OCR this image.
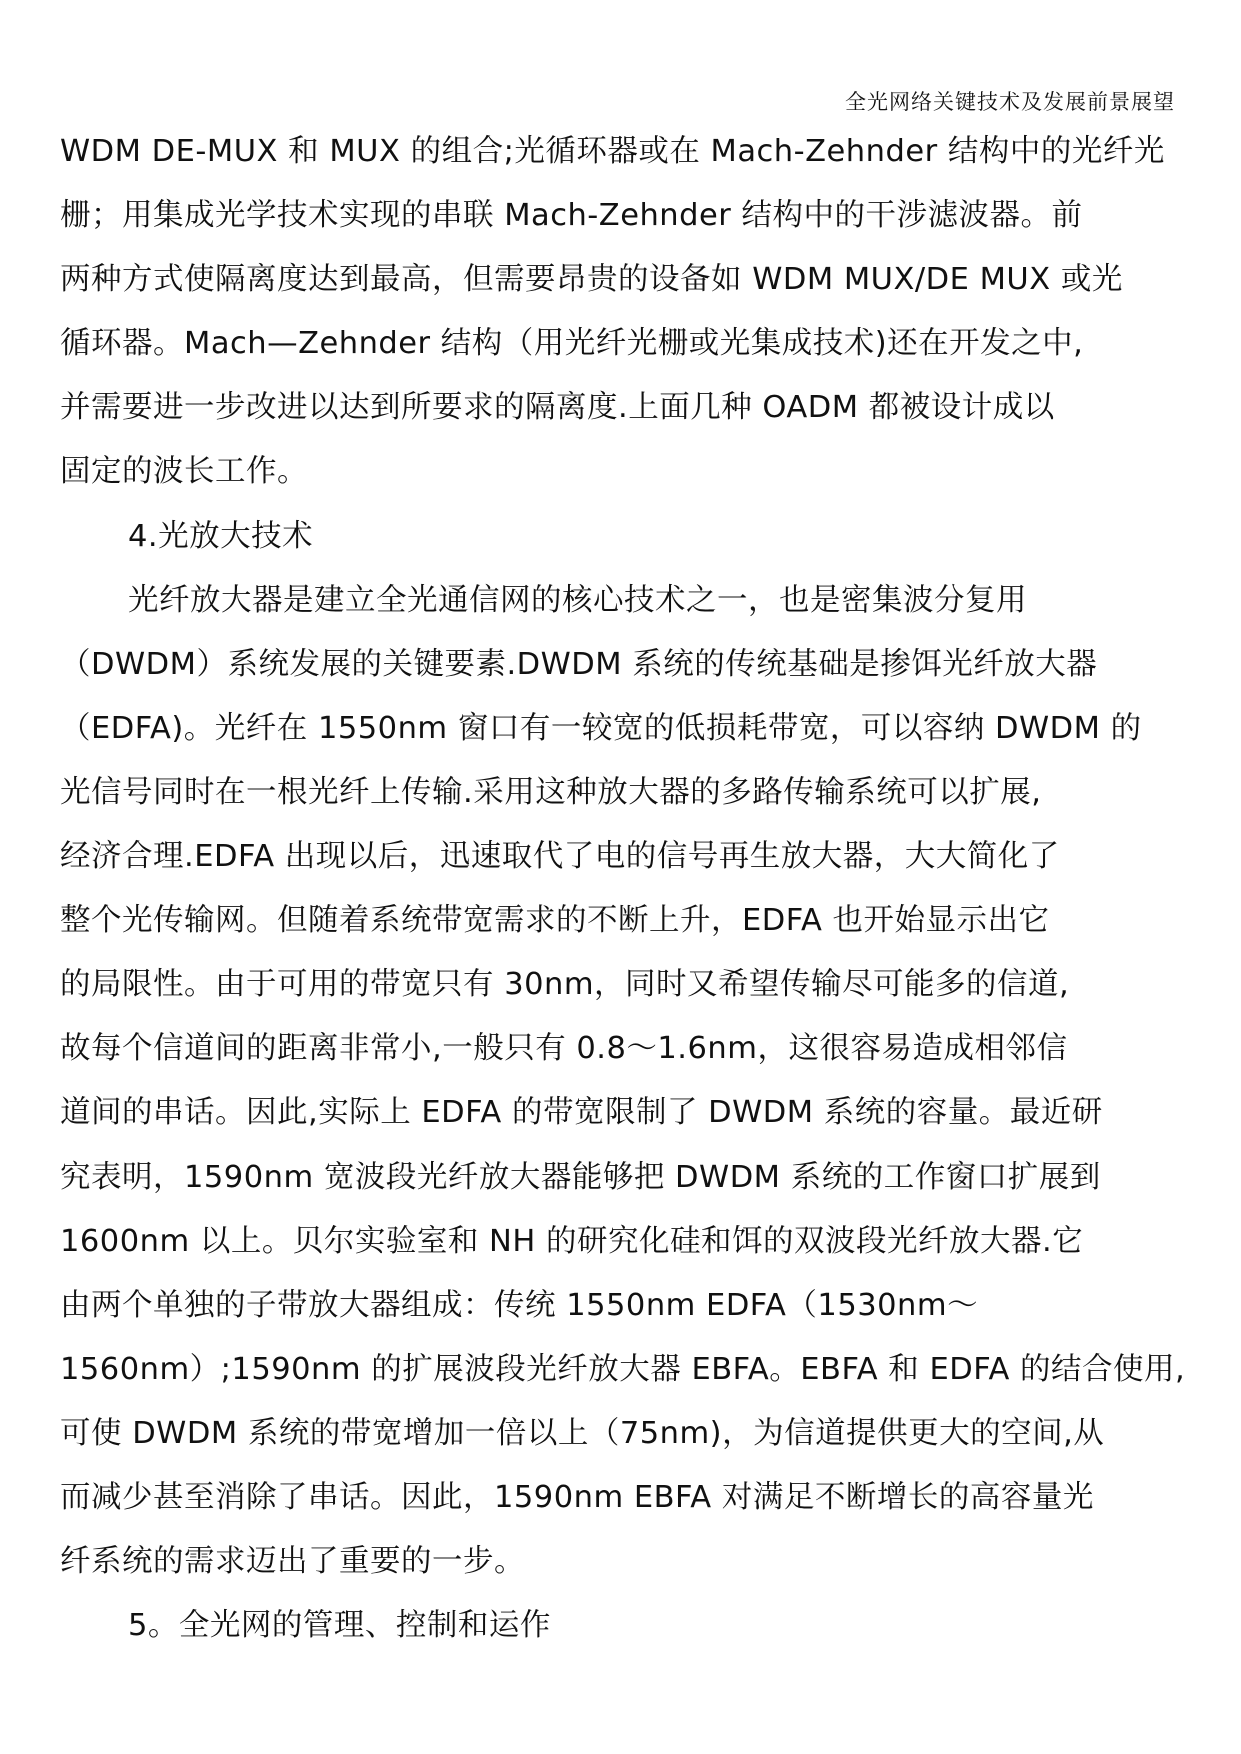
全光网络关键技术及发展前景展望
WDM DE-MUX 和 MUX 的组合;光循环器或在 Mach-Zehnder 结构中的光纤光
栅；用集成光学技术实现的串联 Mach-Zehnder 结构中的干涉滤波器。前
两种方式使隔离度达到最高，但需要昂贵的设备如 WDM MUX/DE MUX 或光
循环器。Mach—Zehnder 结构（用光纤光栅或光集成技术)还在开发之中,
并需要进一步改进以达到所要求的隔离度.上面几种 OADM 都被设计成以
固定的波长工作。
4.光放大技术
光纤放大器是建立全光通信网的核心技术之一，也是密集波分复用
（DWDM）系统发展的关键要素.DWDM 系统的传统基础是掺饵光纤放大器
（EDFA)。光纤在 1550nm 窗口有一较宽的低损耗带宽，可以容纳 DWDM 的
光信号同时在一根光纤上传输.采用这种放大器的多路传输系统可以扩展,
经济合理.EDFA 出现以后，迅速取代了电的信号再生放大器，大大简化了
整个光传输网。但随着系统带宽需求的不断上升，EDFA 也开始显示出它
的局限性。由于可用的带宽只有 30nm，同时又希望传输尽可能多的信道,
故每个信道间的距离非常小,一般只有 0.8～1.6nm，这很容易造成相邻信
道间的串话。因此,实际上 EDFA 的带宽限制了 DWDM 系统的容量。最近研
究表明，1590nm 宽波段光纤放大器能够把 DWDM 系统的工作窗口扩展到
1600nm 以上。贝尔实验室和 NH 的研究化硅和饵的双波段光纤放大器.它
由两个单独的子带放大器组成：传统 1550nm EDFA（1530nm～
1560nm）;1590nm 的扩展波段光纤放大器 EBFA。EBFA 和 EDFA 的结合使用,
可使 DWDM 系统的带宽增加一倍以上（75nm)，为信道提供更大的空间,从
而减少甚至消除了串话。因此，1590nm EBFA 对满足不断增长的高容量光
纤系统的需求迈出了重要的一步。
5。全光网的管理、控制和运作
